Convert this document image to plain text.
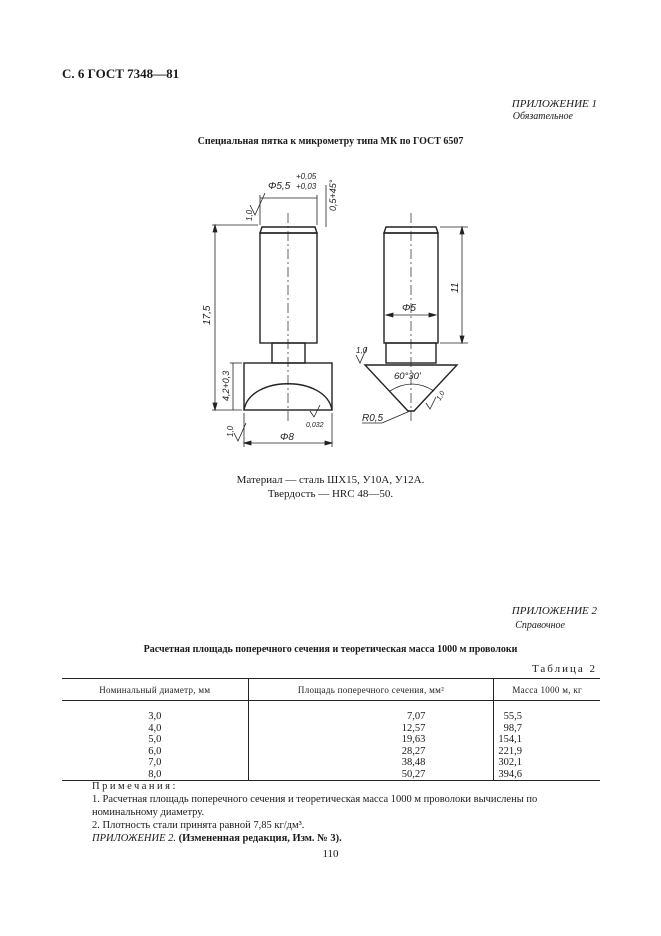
С. 6 ГОСТ 7348—81
ПРИЛОЖЕНИЕ 1
Обязательное
Специальная пятка к микрометру типа МК по ГОСТ 6507
Φ5,5
+0,05
+0,03 0,5+45°
1,0
17,5
4,2+0,3
1,0
Φ8
0,032
11
Φ5
1,0
60°30'
1,0
R0,5
Материал — сталь ШХ15, У10А, У12А.
Твердость — HRC 48—50.
ПРИЛОЖЕНИЕ 2
Справочное
Расчетная площадь поперечного сечения и теоретическая масса 1000 м проволоки
Таблица 2
Номинальный диаметр, мм	Площадь поперечного сечения, мм²	Масса 1000 м, кг
3,0	7,07	55,5
4,0	12,57	98,7
5,0	19,63	154,1
6,0	28,27	221,9
7,0	38,48	302,1
8,0	50,27	394,6
Примечания:
1. Расчетная площадь поперечного сечения и теоретическая масса 1000 м проволоки вычислены по номинальному диаметру.
2. Плотность стали принята равной 7,85 кг/дм³.
ПРИЛОЖЕНИЕ 2. (Измененная редакция, Изм. № 3).
110
